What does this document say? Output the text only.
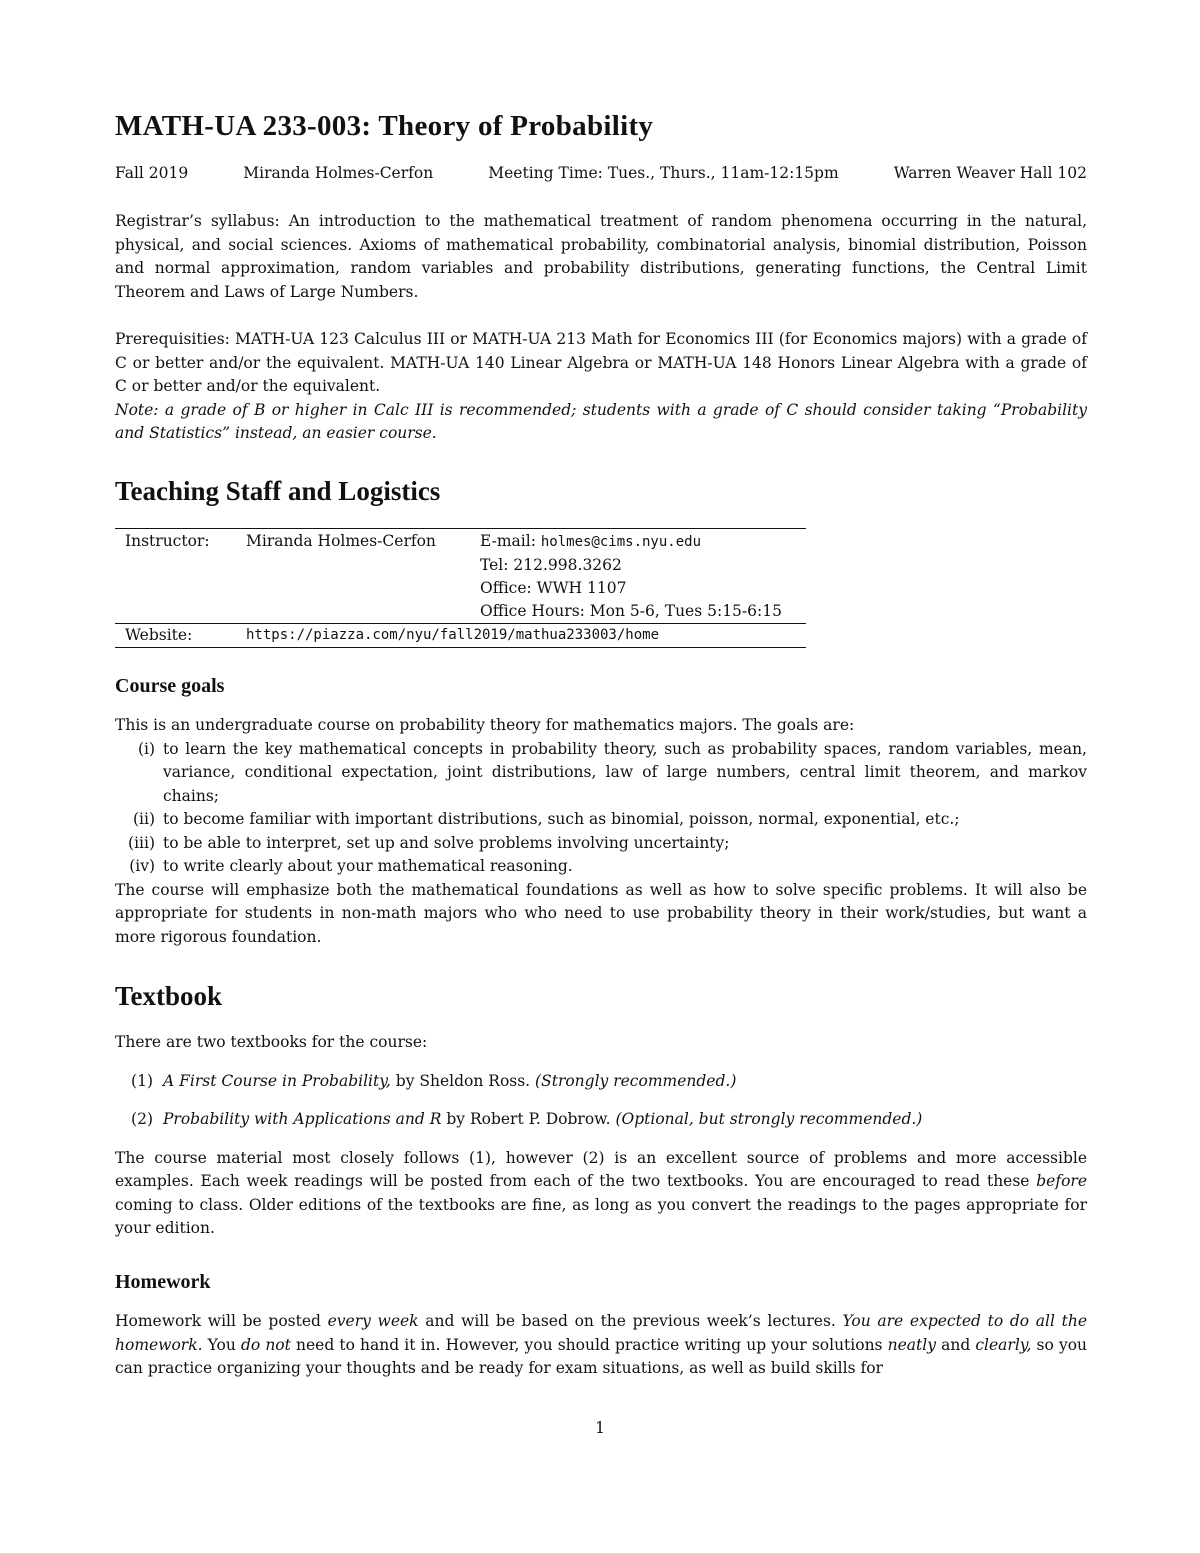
MATH-UA 233-003: Theory of Probability
Fall 2019	Miranda Holmes-Cerfon	Meeting Time: Tues., Thurs., 11am-12:15pm	Warren Weaver Hall 102

Registrar’s syllabus: An introduction to the mathematical treatment of random phenomena occurring in the natural, physical, and social sciences. Axioms of mathematical probability, combinatorial analysis, binomial distribution, Poisson and normal approximation, random variables and probability distributions, generating functions, the Central Limit Theorem and Laws of Large Numbers.

Prerequisities: MATH-UA 123 Calculus III or MATH-UA 213 Math for Economics III (for Economics majors) with a grade of C or better and/or the equivalent. MATH-UA 140 Linear Algebra or MATH-UA 148 Honors Linear Algebra with a grade of C or better and/or the equivalent.

Note: a grade of B or higher in Calc III is recommended; students with a grade of C should consider taking “Probability and Statistics” instead, an easier course.

Teaching Staff and Logistics
Instructor:	Miranda Holmes-Cerfon	E-mail: holmes@cims.nyu.edu
		Tel: 212.998.3262
		Office: WWH 1107
		Office Hours: Mon 5-6, Tues 5:15-6:15
Website:	https://piazza.com/nyu/fall2019/mathua233003/home	
Course goals

This is an undergraduate course on probability theory for mathematics majors. The goals are:

(i) to learn the key mathematical concepts in probability theory, such as probability spaces, random variables, mean, variance, conditional expectation, joint distributions, law of large numbers, central limit theorem, and markov chains;
(ii) to become familiar with important distributions, such as binomial, poisson, normal, exponential, etc.;
(iii) to be able to interpret, set up and solve problems involving uncertainty;
(iv) to write clearly about your mathematical reasoning.

The course will emphasize both the mathematical foundations as well as how to solve specific problems. It will also be appropriate for students in non-math majors who who need to use probability theory in their work/studies, but want a more rigorous foundation.

Textbook

There are two textbooks for the course:

(1) A First Course in Probability, by Sheldon Ross. (Strongly recommended.)
(2) Probability with Applications and R by Robert P. Dobrow. (Optional, but strongly recommended.)

The course material most closely follows (1), however (2) is an excellent source of problems and more accessible examples. Each week readings will be posted from each of the two textbooks. You are encouraged to read these before coming to class. Older editions of the textbooks are fine, as long as you convert the readings to the pages appropriate for your edition.

Homework

Homework will be posted every week and will be based on the previous week’s lectures. You are expected to do all the homework. You do not need to hand it in. However, you should practice writing up your solutions neatly and clearly, so you can practice organizing your thoughts and be ready for exam situations, as well as build skills for

1
